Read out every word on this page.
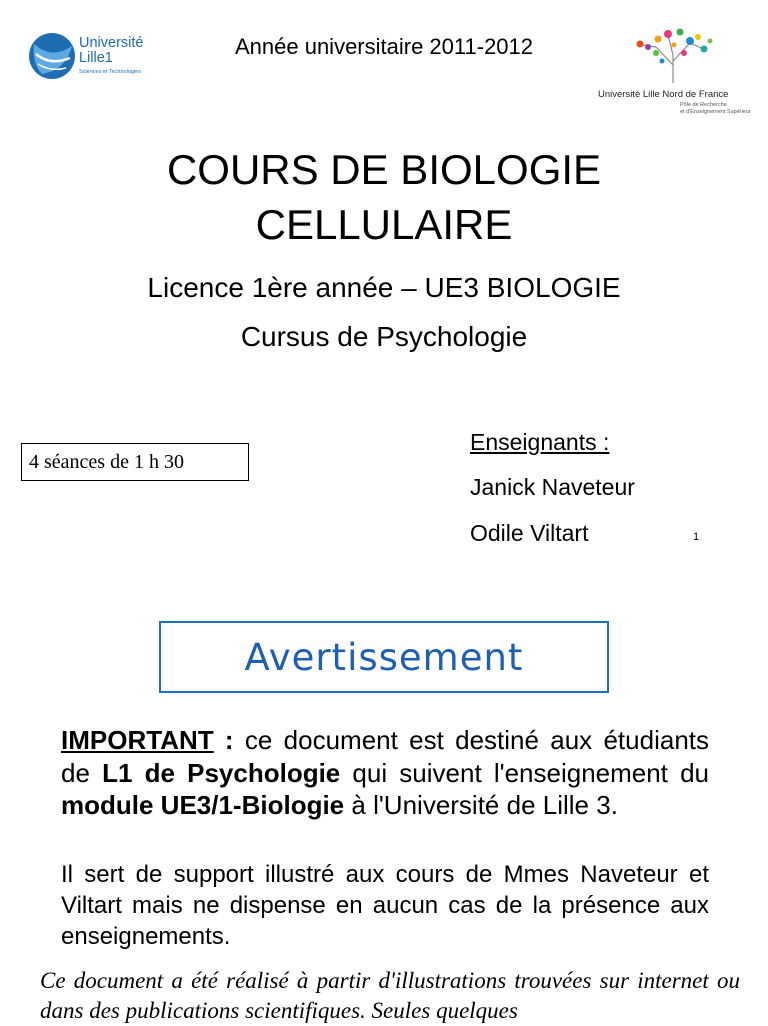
Université
Lille1
Sciences et Technologies
Année universitaire 2011-2012
Université Lille Nord de France
Pôle de Recherche
et d'Enseignement Supérieur
COURS DE BIOLOGIE
CELLULAIRE
Licence 1ère année – UE3 BIOLOGIE
Cursus de Psychologie
4 séances de 1 h 30
Enseignants :
Janick Naveteur
Odile Viltart	1
Avertissement
IMPORTANT : ce document est destiné aux étudiants de L1 de Psychologie qui suivent l'enseignement du module UE3/1-Biologie à l'Université de Lille 3.
Il sert de support illustré aux cours de Mmes Naveteur et Viltart mais ne dispense en aucun cas de la présence aux enseignements.
Ce document a été réalisé à partir d'illustrations trouvées sur internet ou dans des publications scientifiques. Seules quelques
